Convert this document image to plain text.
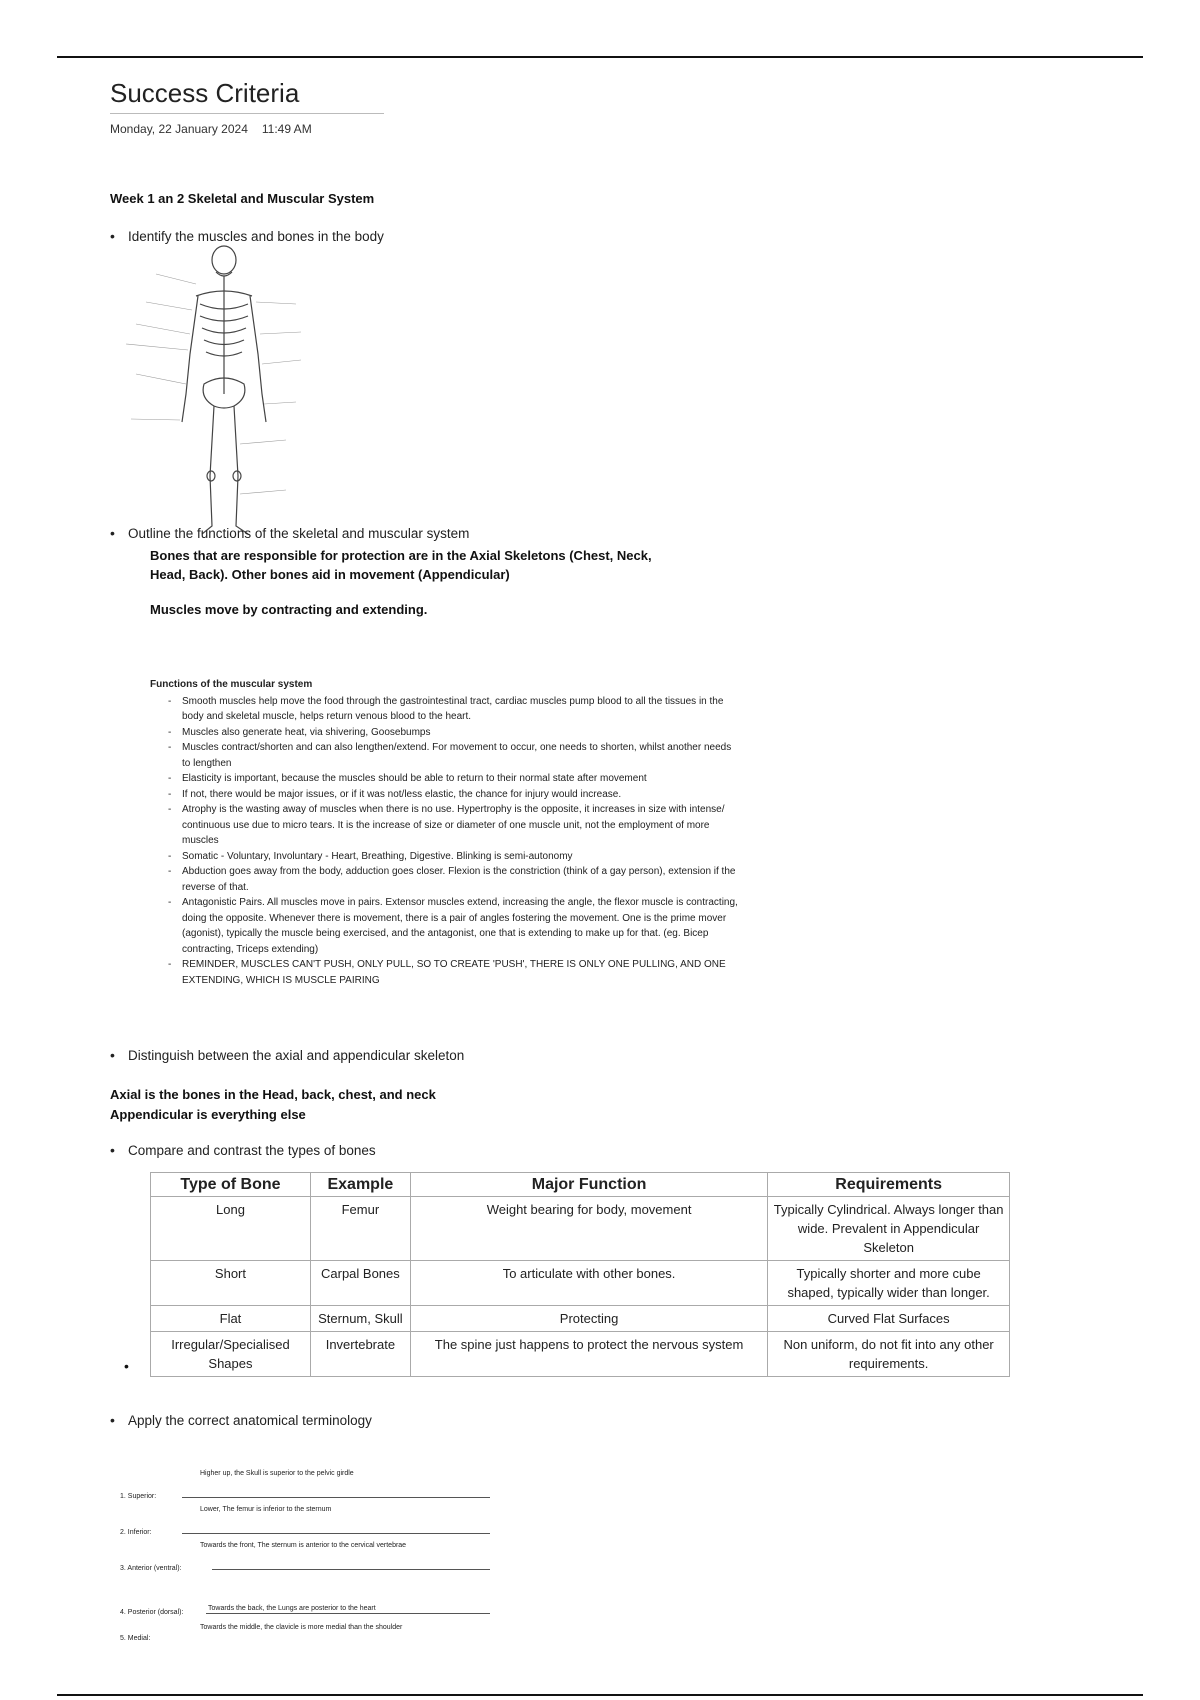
Success Criteria
Monday, 22 January 2024 11:49 AM
Week 1 an 2 Skeletal and Muscular System
• Identify the muscles and bones in the body
• Outline the functions of the skeletal and muscular system
Bones that are responsible for protection are in the Axial Skeletons (Chest, Neck, Head, Back). Other bones aid in movement (Appendicular)
Muscles move by contracting and extending.
Functions of the muscular system
- Smooth muscles help move the food through the gastrointestinal tract, cardiac muscles pump blood to all the tissues in the body and skeletal muscle, helps return venous blood to the heart.
- Muscles also generate heat, via shivering, Goosebumps
- Muscles contract/shorten and can also lengthen/extend. For movement to occur, one needs to shorten, whilst another needs to lengthen
- Elasticity is important, because the muscles should be able to return to their normal state after movement
- If not, there would be major issues, or if it was not/less elastic, the chance for injury would increase.
- Atrophy is the wasting away of muscles when there is no use. Hypertrophy is the opposite, it increases in size with intense/ continuous use due to micro tears. It is the increase of size or diameter of one muscle unit, not the employment of more muscles
- Somatic - Voluntary, Involuntary - Heart, Breathing, Digestive. Blinking is semi-autonomy
- Abduction goes away from the body, adduction goes closer. Flexion is the constriction (think of a gay person), extension if the reverse of that.
- Antagonistic Pairs. All muscles move in pairs. Extensor muscles extend, increasing the angle, the flexor muscle is contracting, doing the opposite. Whenever there is movement, there is a pair of angles fostering the movement. One is the prime mover (agonist), typically the muscle being exercised, and the antagonist, one that is extending to make up for that. (eg. Bicep contracting, Triceps extending)
- REMINDER, MUSCLES CAN'T PUSH, ONLY PULL, SO TO CREATE 'PUSH', THERE IS ONLY ONE PULLING, AND ONE EXTENDING, WHICH IS MUSCLE PAIRING
• Distinguish between the axial and appendicular skeleton
Axial is the bones in the Head, back, chest, and neck
Appendicular is everything else
• Compare and contrast the types of bones
•
Type of Bone	Example	Major Function	Requirements
Long	Femur	Weight bearing for body, movement	Typically Cylindrical. Always longer than wide. Prevalent in Appendicular Skeleton
Short	Carpal Bones	To articulate with other bones.	Typically shorter and more cube shaped, typically wider than longer.
Flat	Sternum, Skull	Protecting	Curved Flat Surfaces
Irregular/Specialised Shapes	Invertebrate	The spine just happens to protect the nervous system	Non uniform, do not fit into any other requirements.
• Apply the correct anatomical terminology
1. Superior:
Higher up, the Skull is superior to the pelvic girdle
2. Inferior:
Lower, The femur is inferior to the sternum
3. Anterior (ventral):
Towards the front, The sternum is anterior to the cervical vertebrae
4. Posterior (dorsal):
Towards the back, the Lungs are posterior to the heart
5. Medial:
Towards the middle, the clavicle is more medial than the shoulder
